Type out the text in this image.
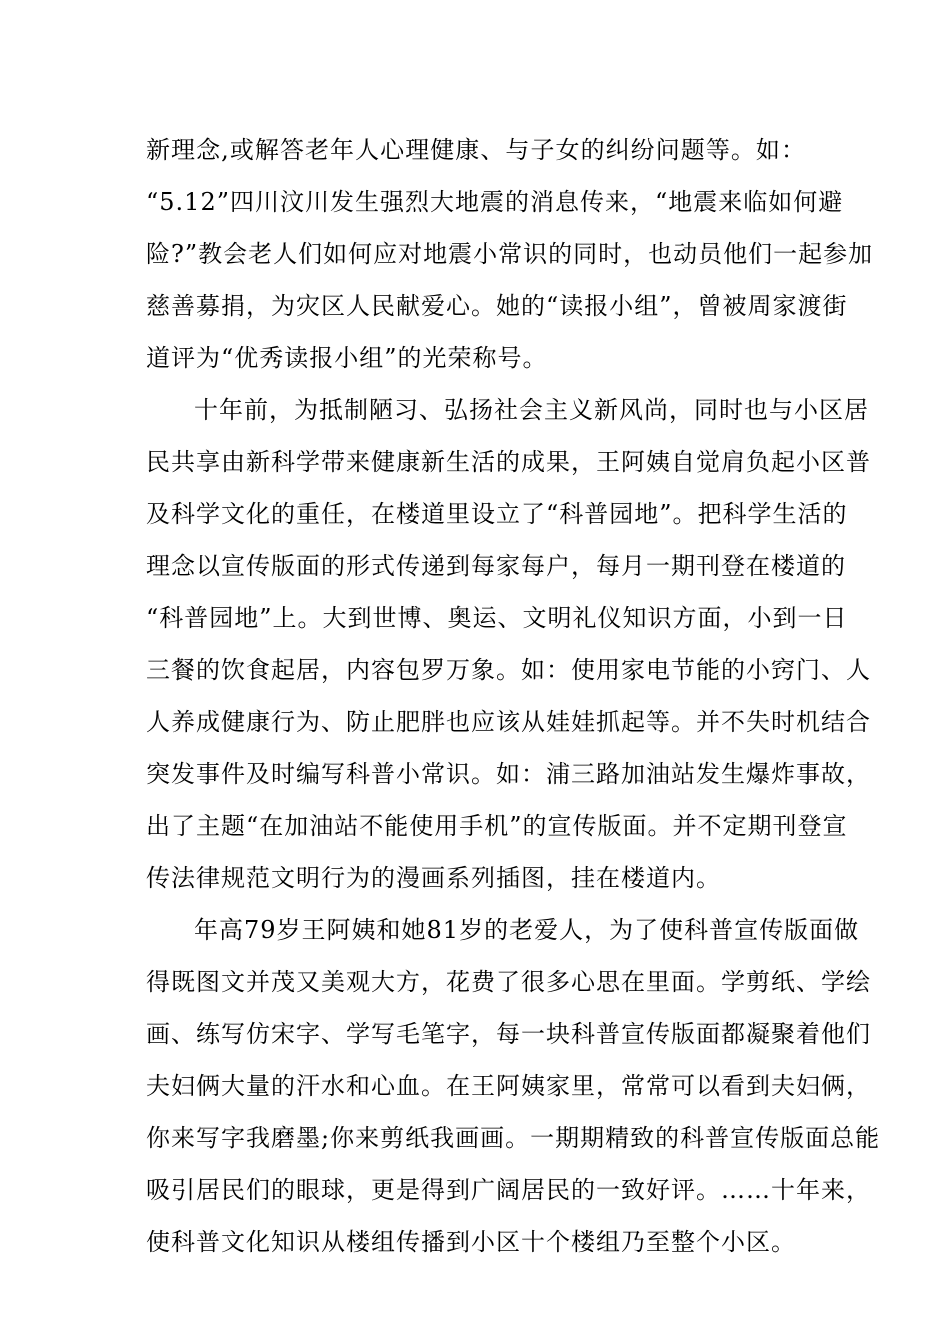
新理念,或解答老年人心理健康、与子女的纠纷问题等。如：
“5.12”四川汶川发生强烈大地震的消息传来，“地震来临如何避
险?”教会老人们如何应对地震小常识的同时，也动员他们一起参加
慈善募捐，为灾区人民献爱心。她的“读报小组”，曾被周家渡街
道评为“优秀读报小组”的光荣称号。
十年前，为抵制陋习、弘扬社会主义新风尚，同时也与小区居
民共享由新科学带来健康新生活的成果，王阿姨自觉肩负起小区普
及科学文化的重任，在楼道里设立了“科普园地”。把科学生活的
理念以宣传版面的形式传递到每家每户，每月一期刊登在楼道的
“科普园地”上。大到世博、奥运、文明礼仪知识方面，小到一日
三餐的饮食起居，内容包罗万象。如：使用家电节能的小窍门、人
人养成健康行为、防止肥胖也应该从娃娃抓起等。并不失时机结合
突发事件及时编写科普小常识。如：浦三路加油站发生爆炸事故，
出了主题“在加油站不能使用手机”的宣传版面。并不定期刊登宣
传法律规范文明行为的漫画系列插图，挂在楼道内。
年高79岁王阿姨和她81岁的老爱人，为了使科普宣传版面做
得既图文并茂又美观大方，花费了很多心思在里面。学剪纸、学绘
画、练写仿宋字、学写毛笔字，每一块科普宣传版面都凝聚着他们
夫妇俩大量的汗水和心血。在王阿姨家里，常常可以看到夫妇俩，
你来写字我磨墨;你来剪纸我画画。一期期精致的科普宣传版面总能
吸引居民们的眼球，更是得到广阔居民的一致好评。……十年来，
使科普文化知识从楼组传播到小区十个楼组乃至整个小区。
